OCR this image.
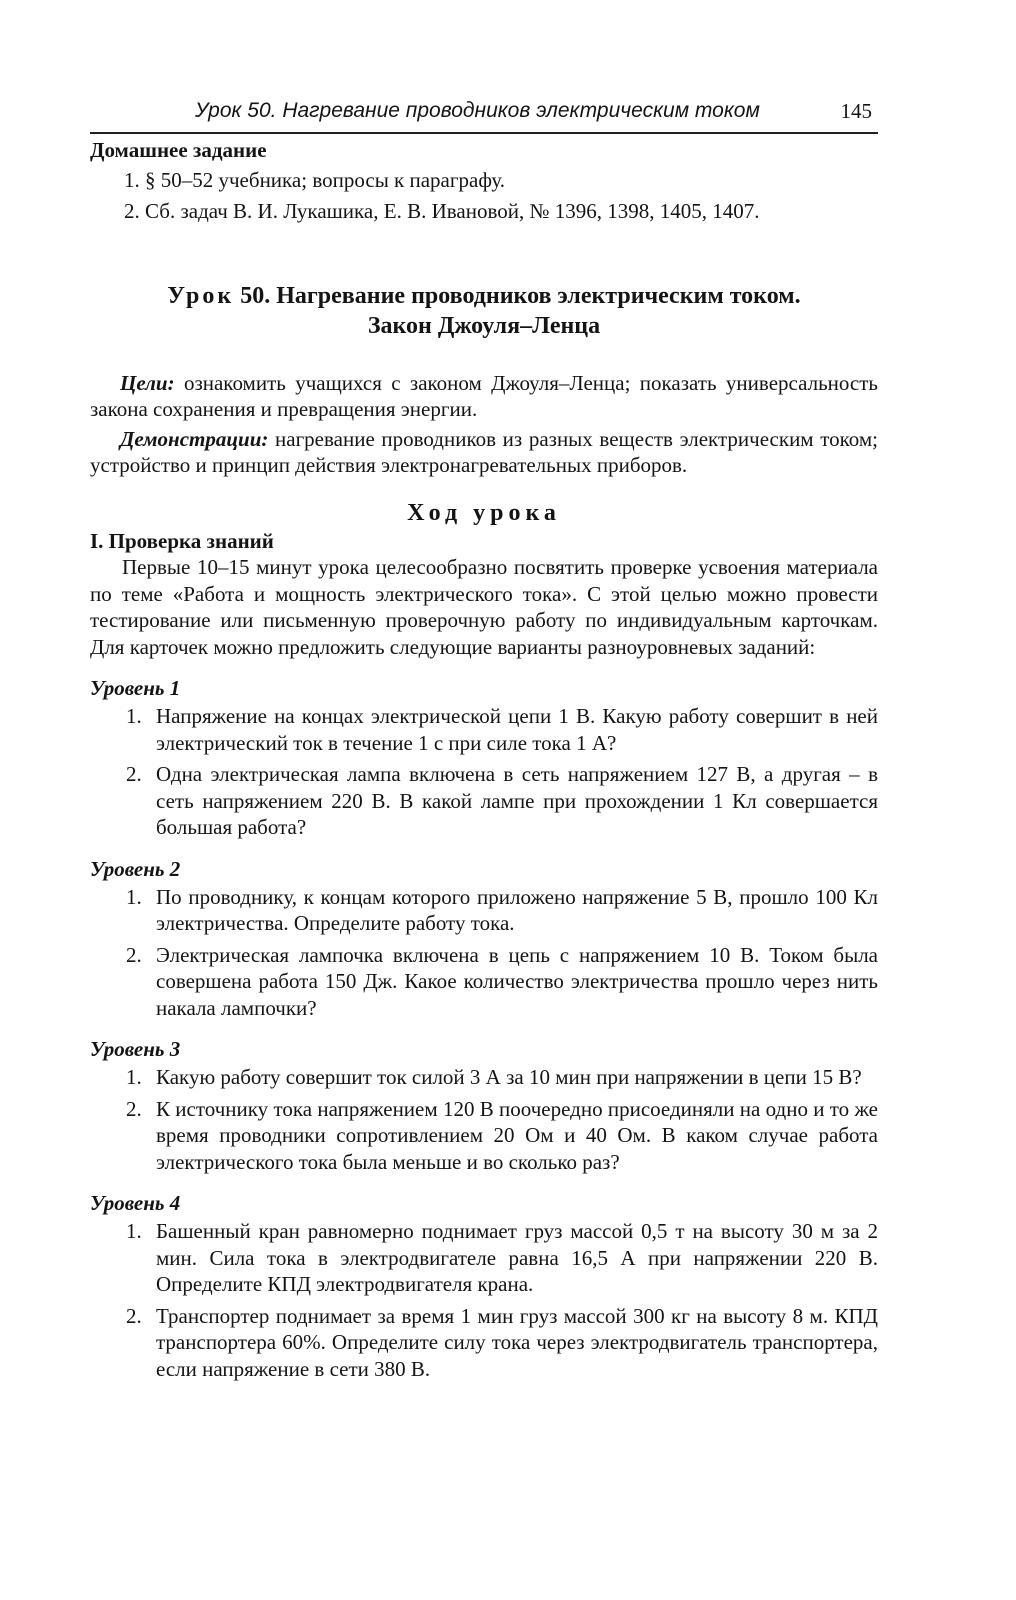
Урок 50. Нагревание проводников электрическим током	145

Домашнее задание

1. § 50–52 учебника; вопросы к параграфу.
2. Сб. задач В. И. Лукашика, Е. В. Ивановой, № 1396, 1398, 1405, 1407.

Урок 50. Нагревание проводников электрическим током.
Закон Джоуля–Ленца

Цели: ознакомить учащихся с законом Джоуля–Ленца; показать универсальность закона сохранения и превращения энергии.

Демонстрации: нагревание проводников из разных веществ электрическим током; устройство и принцип действия электронагревательных приборов.

Ход урока

I. Проверка знаний

Первые 10–15 минут урока целесообразно посвятить проверке усвоения материала по теме «Работа и мощность электрического тока». С этой целью можно провести тестирование или письменную проверочную работу по индивидуальным карточкам. Для карточек можно предложить следующие варианты разноуровневых заданий:

Уровень 1

1. Напряжение на концах электрической цепи 1 В. Какую работу совершит в ней электрический ток в течение 1 с при силе тока 1 А?
2. Одна электрическая лампа включена в сеть напряжением 127 В, а другая – в сеть напряжением 220 В. В какой лампе при прохождении 1 Кл совершается большая работа?

Уровень 2

1. По проводнику, к концам которого приложено напряжение 5 В, прошло 100 Кл электричества. Определите работу тока.
2. Электрическая лампочка включена в цепь с напряжением 10 В. Током была совершена работа 150 Дж. Какое количество электричества прошло через нить накала лампочки?

Уровень 3

1. Какую работу совершит ток силой 3 А за 10 мин при напряжении в цепи 15 В?
2. К источнику тока напряжением 120 В поочередно присоединяли на одно и то же время проводники сопротивлением 20 Ом и 40 Ом. В каком случае работа электрического тока была меньше и во сколько раз?

Уровень 4

1. Башенный кран равномерно поднимает груз массой 0,5 т на высоту 30 м за 2 мин. Сила тока в электродвигателе равна 16,5 А при напряжении 220 В. Определите КПД электродвигателя крана.
2. Транспортер поднимает за время 1 мин груз массой 300 кг на высоту 8 м. КПД транспортера 60%. Определите силу тока через электродвигатель транспортера, если напряжение в сети 380 В.
